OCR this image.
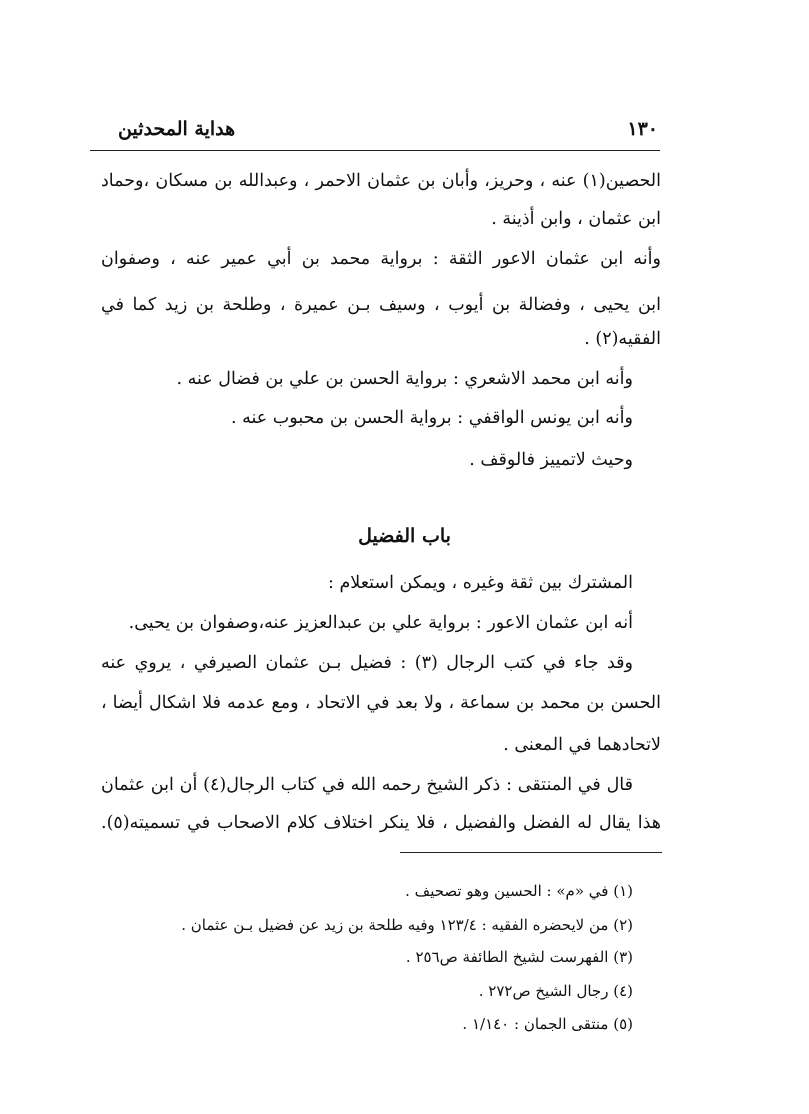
١٣٠
هداية المحدثين
الحصين(١) عنه ، وحريز، وأبان بن عثمان الاحمر ، وعبدالله بن مسكان ،وحماد
ابن عثمان ، وابن أذينة .
وأنه ابن عثمان الاعور الثقة : برواية محمد بن أبي عمير عنه ، وصفوان
ابن يحيى ، وفضالة بن أيوب ، وسيف بـن عميرة ، وطلحة بن زيد كما في
الفقيه(٢) .
وأنه ابن محمد الاشعري : برواية الحسن بن علي بن فضال عنه .
وأنه ابن يونس الواقفي : برواية الحسن بن محبوب عنه .
وحيث لاتمييز فالوقف .
باب الفضيل
المشترك بين ثقة وغيره ، ويمكن استعلام :
أنه ابن عثمان الاعور : برواية علي بن عبدالعزيز عنه،وصفوان بن يحيى.
وقد جاء في كتب الرجال (٣) : فضيل بـن عثمان الصيرفي ، يروي عنه
الحسن بن محمد بن سماعة ، ولا بعد في الاتحاد ، ومع عدمه فلا اشكال أيضا ،
لاتحادهما في المعنى .
قال في المنتقى : ذكر الشيخ رحمه الله في كتاب الرجال(٤) أن ابن عثمان
هذا يقال له الفضل والفضيل ، فلا ينكر اختلاف كلام الاصحاب في تسميته(٥).
(١) في «م» : الحسين وهو تصحيف .
(٢) من لايحضره الفقيه : ١٢٣/٤ وفيه طلحة بن زيد عن فضيل بـن عثمان .
(٣) الفهرست لشيخ الطائفة ص٢٥٦ .
(٤) رجال الشيخ ص٢٧٢ .
(٥) منتقى الجمان : ١/١٤٠ .
